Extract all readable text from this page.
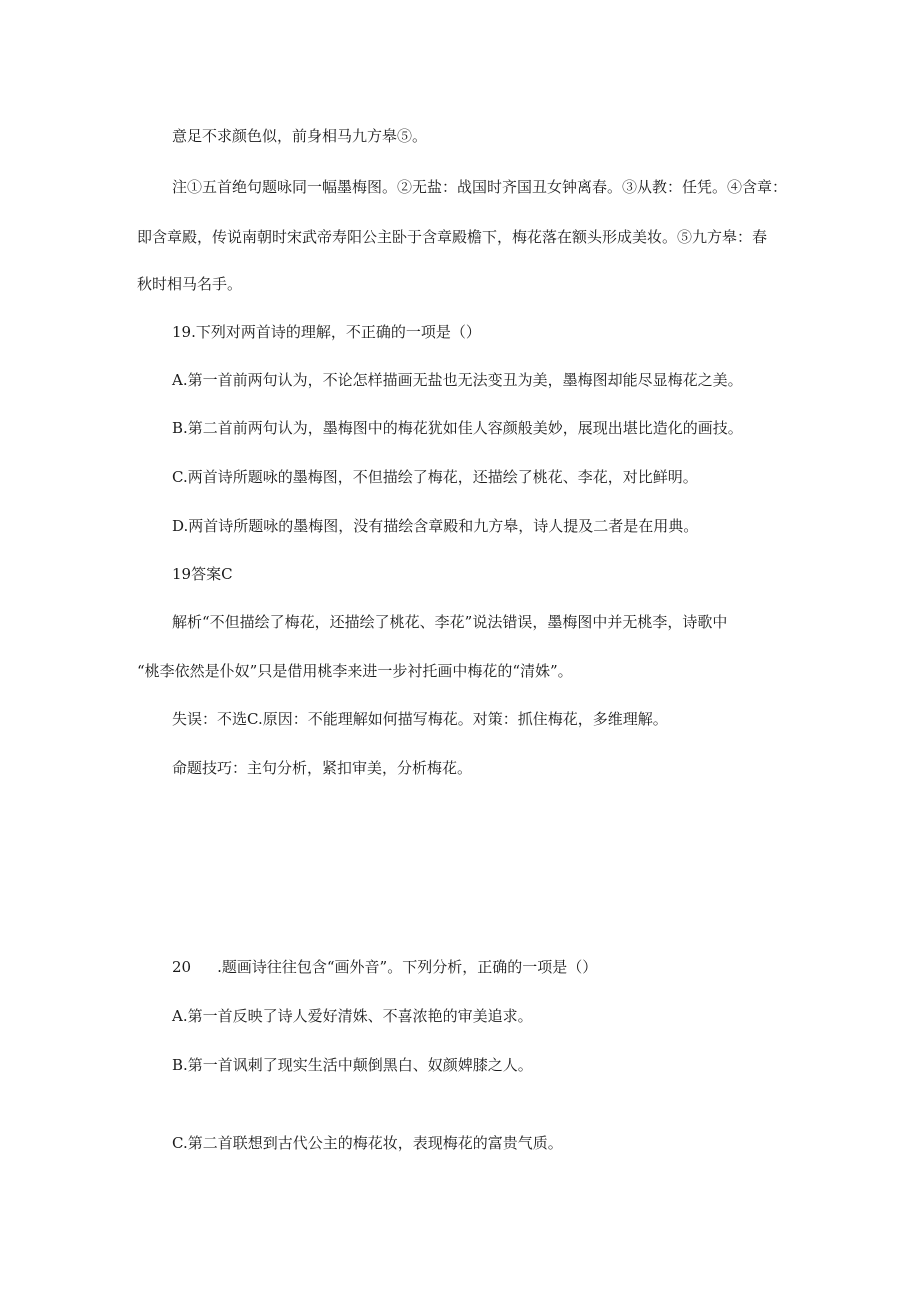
意足不求颜色似，前身相马九方皋⑤。
注①五首绝句题咏同一幅墨梅图。②无盐：战国时齐国丑女钟离春。③从教：任凭。④含章：
即含章殿，传说南朝时宋武帝寿阳公主卧于含章殿檐下，梅花落在额头形成美妆。⑤九方皋：春
秋时相马名手。
19.下列对两首诗的理解，不正确的一项是（）
A.第一首前两句认为，不论怎样描画无盐也无法变丑为美，墨梅图却能尽显梅花之美。
B.第二首前两句认为，墨梅图中的梅花犹如佳人容颜般美妙，展现出堪比造化的画技。
C.两首诗所题咏的墨梅图，不但描绘了梅花，还描绘了桃花、李花，对比鲜明。
D.两首诗所题咏的墨梅图，没有描绘含章殿和九方皋，诗人提及二者是在用典。
19答案C
解析“不但描绘了梅花，还描绘了桃花、李花”说法错误，墨梅图中并无桃李，诗歌中
“桃李依然是仆奴”只是借用桃李来进一步衬托画中梅花的“清姝”。
失误：不选C.原因：不能理解如何描写梅花。对策：抓住梅花，多维理解。
命题技巧：主句分析，紧扣审美，分析梅花。
20 .题画诗往往包含“画外音”。下列分析，正确的一项是（）
A.第一首反映了诗人爱好清姝、不喜浓艳的审美追求。
B.第一首讽刺了现实生活中颠倒黑白、奴颜婢膝之人。
C.第二首联想到古代公主的梅花妆，表现梅花的富贵气质。
